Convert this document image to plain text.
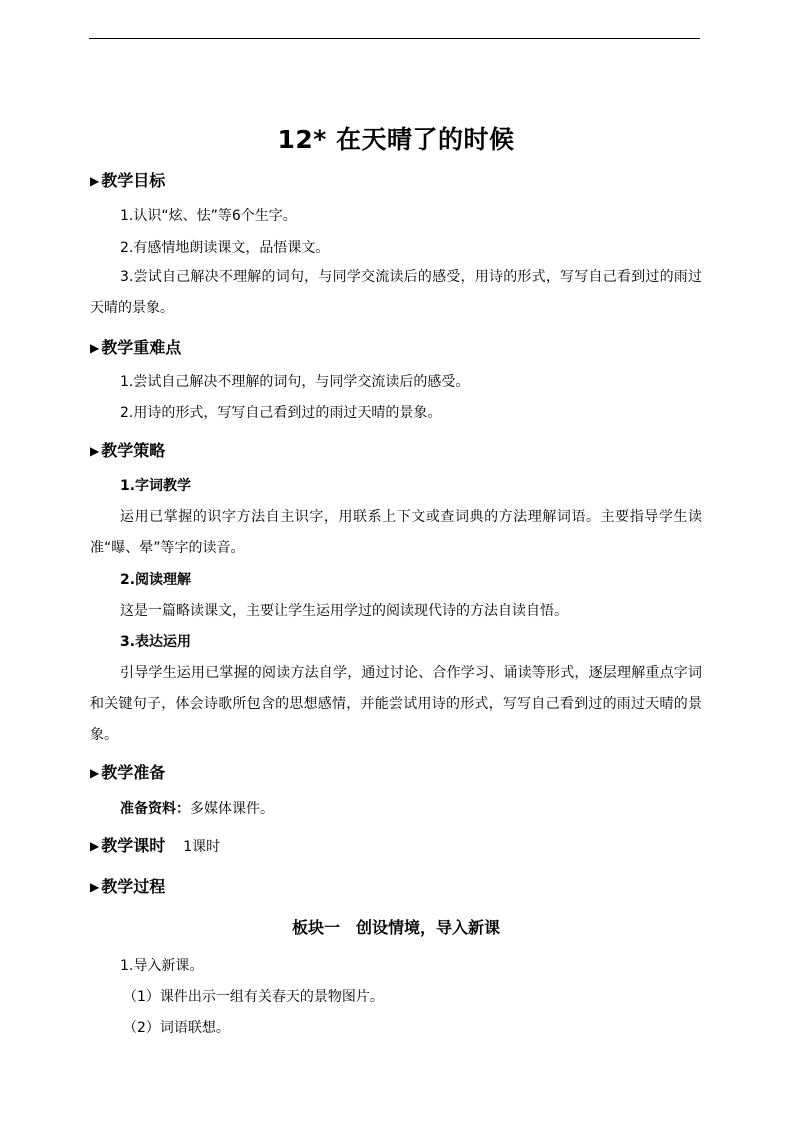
12* 在天晴了的时候
▶ 教学目标
1.认识“炫、怯”等6个生字。
2.有感情地朗读课文，品悟课文。
3.尝试自己解决不理解的词句，与同学交流读后的感受，用诗的形式，写写自己看到过的雨过天晴的景象。
▶ 教学重难点
1.尝试自己解决不理解的词句，与同学交流读后的感受。
2.用诗的形式，写写自己看到过的雨过天晴的景象。
▶ 教学策略
1.字词教学
运用已掌握的识字方法自主识字，用联系上下文或查词典的方法理解词语。主要指导学生读准“曝、晕”等字的读音。
2.阅读理解
这是一篇略读课文，主要让学生运用学过的阅读现代诗的方法自读自悟。
3.表达运用
引导学生运用已掌握的阅读方法自学，通过讨论、合作学习、诵读等形式，逐层理解重点字词和关键句子，体会诗歌所包含的思想感情，并能尝试用诗的形式，写写自己看到过的雨过天晴的景象。
▶ 教学准备
准备资料：多媒体课件。
▶ 教学课时 1课时
▶ 教学过程
板块一　创设情境，导入新课
1.导入新课。
（1）课件出示一组有关春天的景物图片。
（2）词语联想。
